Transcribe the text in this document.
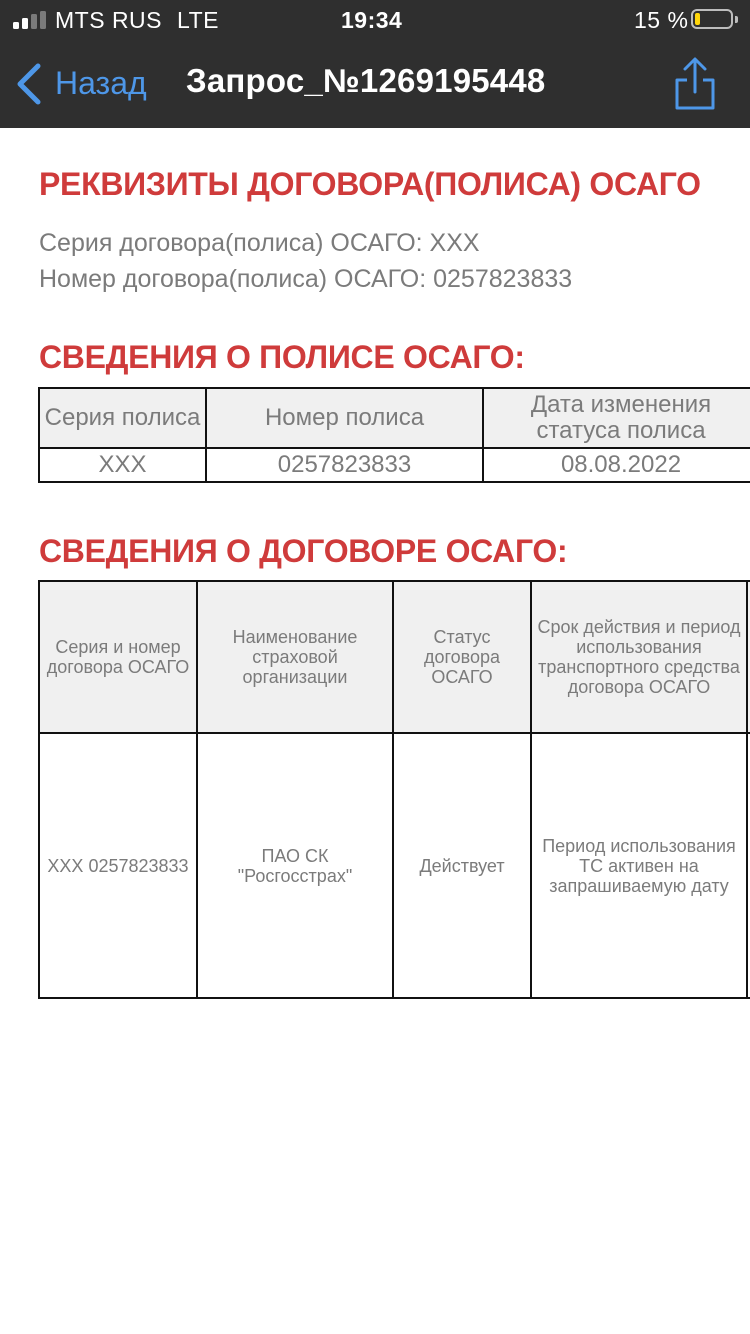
MTS RUS LTE	19:34	15 %
Назад Запрос_№1269195448
РЕКВИЗИТЫ ДОГОВОРА(ПОЛИСА) ОСАГО
Серия договора(полиса) ОСАГО: ХХХ
Номер договора(полиса) ОСАГО: 0257823833
СВЕДЕНИЯ О ПОЛИСЕ ОСАГО:
Серия полиса	Номер полиса	Дата изменения статуса полиса
ХХХ	0257823833	08.08.2022
СВЕДЕНИЯ О ДОГОВОРЕ ОСАГО:
Серия и номер договора ОСАГО	Наименование страховой организации	Статус договора ОСАГО	Срок действия и период использования транспортного средства договора ОСАГО	
ХХХ 0257823833	ПАО СК "Росгосстрах"	Действует	Период использования ТС активен на запрашиваемую дату	
